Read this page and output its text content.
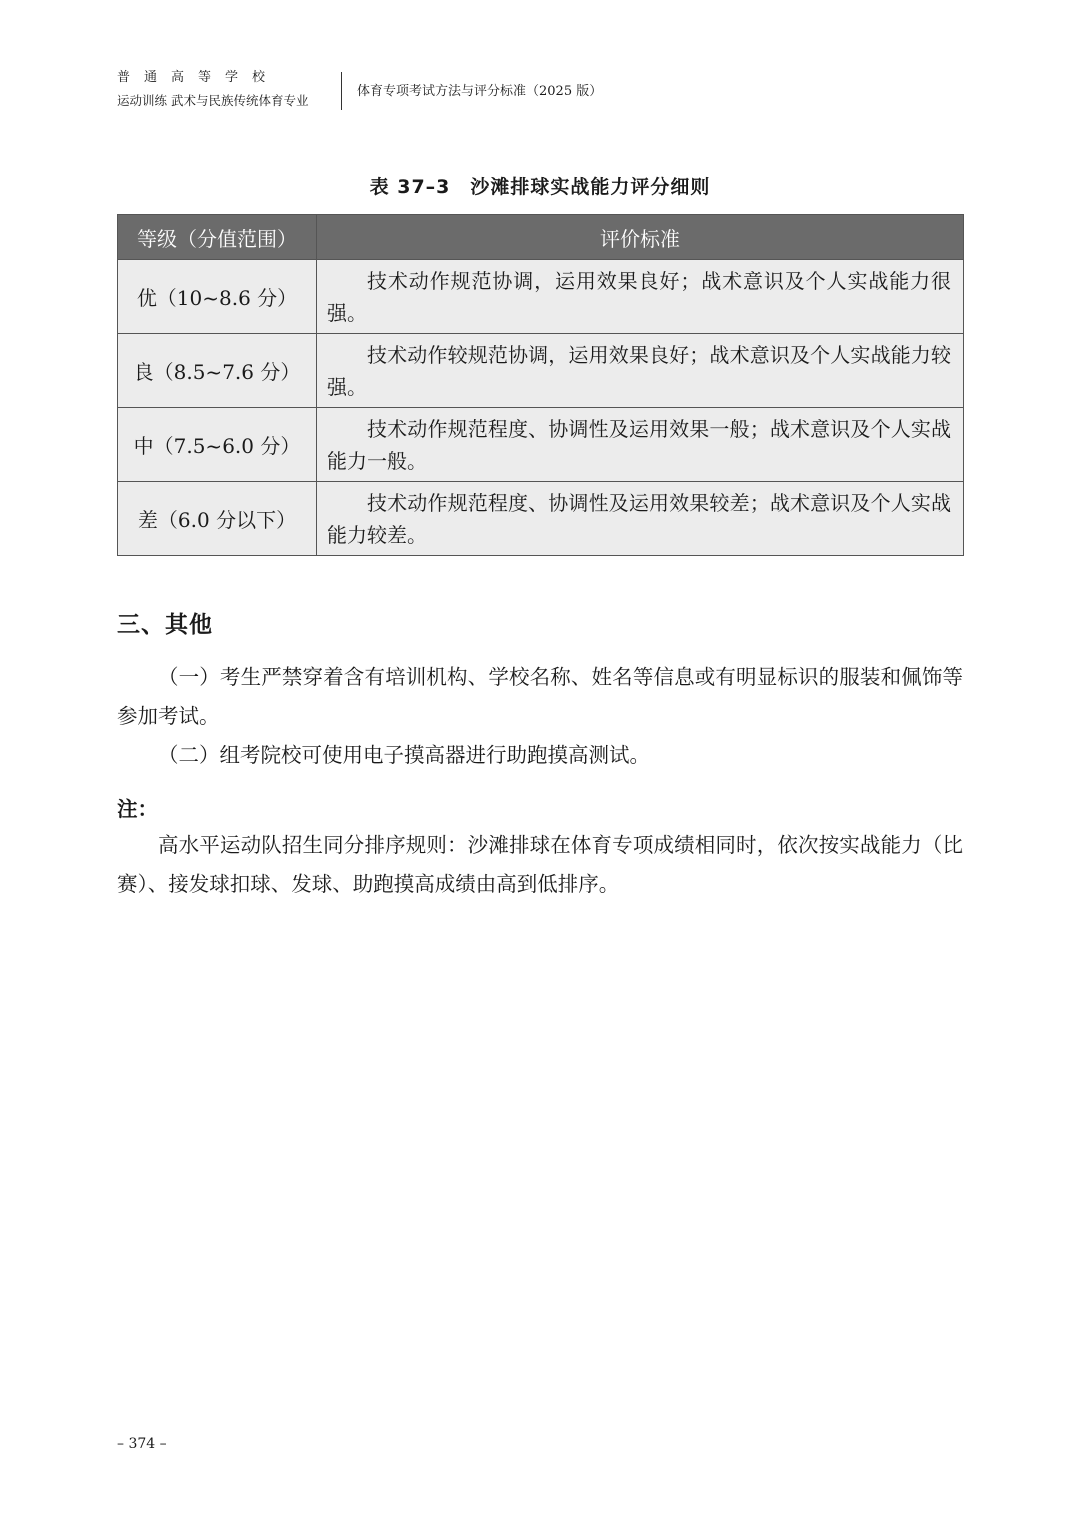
普通高等学校
运动训练 武术与民族传统体育专业
体育专项考试方法与评分标准（2025 版）
表 37–3　沙滩排球实战能力评分细则
等级（分值范围）	评价标准
优（10~8.6 分）	技术动作规范协调，运用效果良好；战术意识及个人实战能力很强。
良（8.5~7.6 分）	技术动作较规范协调，运用效果良好；战术意识及个人实战能力较强。
中（7.5~6.0 分）	技术动作规范程度、协调性及运用效果一般；战术意识及个人实战能力一般。
差（6.0 分以下）	技术动作规范程度、协调性及运用效果较差；战术意识及个人实战能力较差。
三、其他

（一）考生严禁穿着含有培训机构、学校名称、姓名等信息或有明显标识的服装和佩饰等参加考试。

（二）组考院校可使用电子摸高器进行助跑摸高测试。

注：

高水平运动队招生同分排序规则：沙滩排球在体育专项成绩相同时，依次按实战能力（比赛）、接发球扣球、发球、助跑摸高成绩由高到低排序。

– 374 –
